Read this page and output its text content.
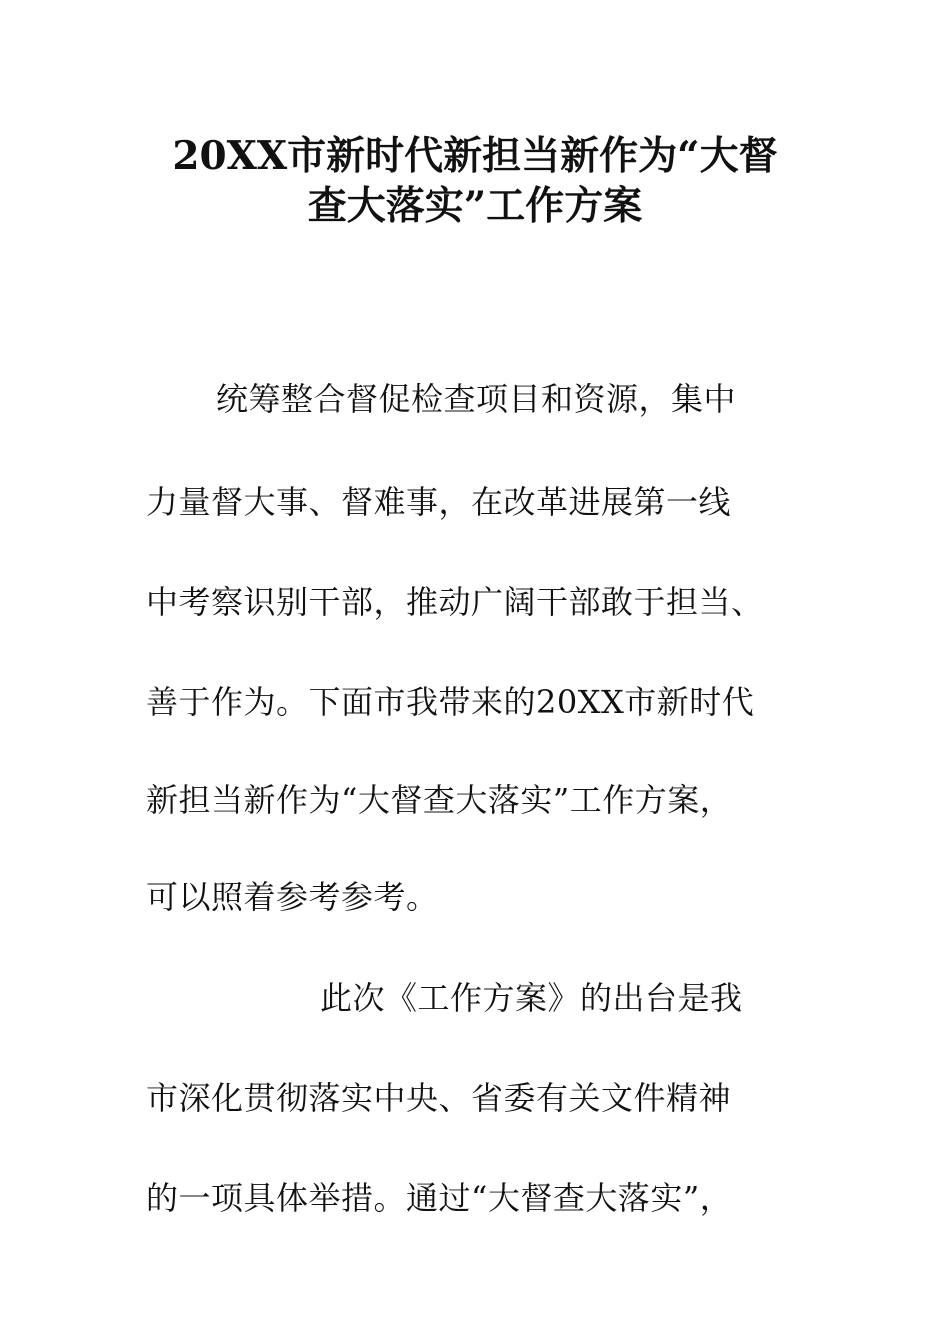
20XX市新时代新担当新作为“大督
查大落实”工作方案

统筹整合督促检查项目和资源，集中

力量督大事、督难事，在改革进展第一线

中考察识别干部，推动广阔干部敢于担当、

善于作为。下面市我带来的20XX市新时代

新担当新作为“大督查大落实”工作方案，

可以照着参考参考。

此次《工作方案》的出台是我

市深化贯彻落实中央、省委有关文件精神

的一项具体举措。通过“大督查大落实”，
